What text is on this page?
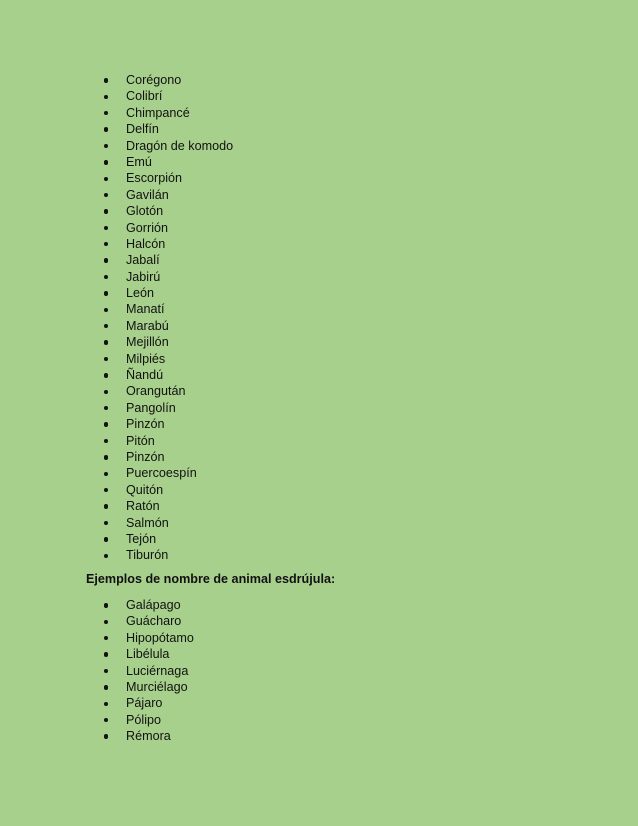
Corégono
Colibrí
Chimpancé
Delfín
Dragón de komodo
Emú
Escorpión
Gavilán
Glotón
Gorrión
Halcón
Jabalí
Jabirú
León
Manatí
Marabú
Mejillón
Milpiés
Ñandú
Orangután
Pangolín
Pinzón
Pitón
Pinzón
Puercoespín
Quitón
Ratón
Salmón
Tejón
Tiburón
Ejemplos de nombre de animal esdrújula:
Galápago
Guácharo
Hipopótamo
Libélula
Luciérnaga
Murciélago
Pájaro
Pólipo
Rémora
